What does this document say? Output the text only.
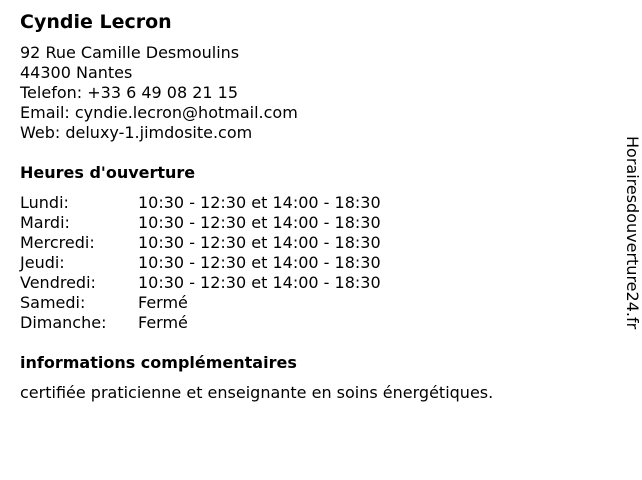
Cyndie Lecron
92 Rue Camille Desmoulins
44300 Nantes
Telefon: +33 6 49 08 21 15
Email: cyndie.lecron@hotmail.com
Web: deluxy-1.jimdosite.com
Heures d'ouverture
Lundi:	10:30 - 12:30 et 14:00 - 18:30
Mardi:	10:30 - 12:30 et 14:00 - 18:30
Mercredi:	10:30 - 12:30 et 14:00 - 18:30
Jeudi:	10:30 - 12:30 et 14:00 - 18:30
Vendredi:	10:30 - 12:30 et 14:00 - 18:30
Samedi:	Fermé
Dimanche:	Fermé
informations complémentaires
certifiée praticienne et enseignante en soins énergétiques.
Horairesdouverture24.fr
